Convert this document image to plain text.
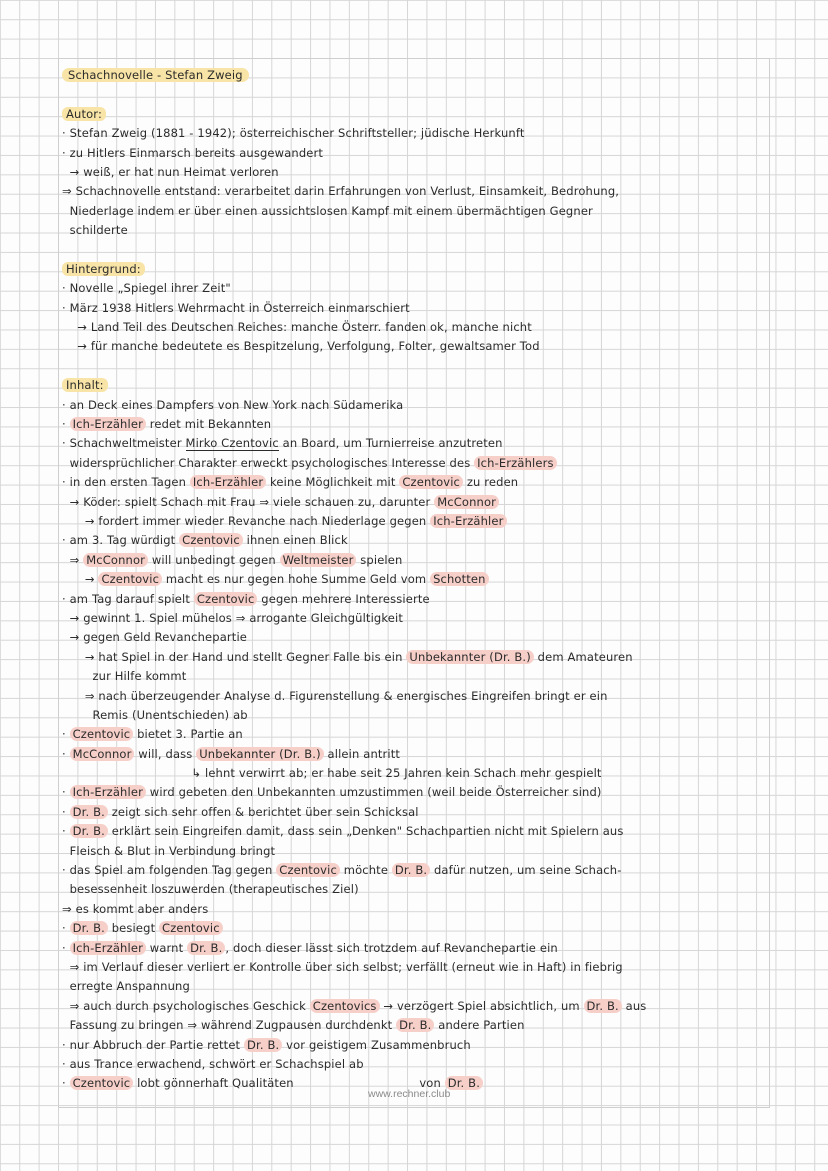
Schachnovelle - Stefan Zweig
Autor:
· Stefan Zweig (1881 - 1942); österreichischer Schriftsteller; jüdische Herkunft
· zu Hitlers Einmarsch bereits ausgewandert
→ weiß, er hat nun Heimat verloren
⇒ Schachnovelle entstand: verarbeitet darin Erfahrungen von Verlust, Einsamkeit, Bedrohung,
Niederlage indem er über einen aussichtslosen Kampf mit einem übermächtigen Gegner
schilderte
Hintergrund:
· Novelle „Spiegel ihrer Zeit"
· März 1938 Hitlers Wehrmacht in Österreich einmarschiert
→ Land Teil des Deutschen Reiches: manche Österr. fanden ok, manche nicht
→ für manche bedeutete es Bespitzelung, Verfolgung, Folter, gewaltsamer Tod
Inhalt:
· an Deck eines Dampfers von New York nach Südamerika
· Ich-Erzähler redet mit Bekannten
· Schachweltmeister Mirko Czentovic an Board, um Turnierreise anzutreten
widersprüchlicher Charakter erweckt psychologisches Interesse des Ich-Erzählers
· in den ersten Tagen Ich-Erzähler keine Möglichkeit mit Czentovic zu reden
→ Köder: spielt Schach mit Frau ⇒ viele schauen zu, darunter McConnor
→ fordert immer wieder Revanche nach Niederlage gegen Ich-Erzähler
· am 3. Tag würdigt Czentovic ihnen einen Blick
⇒ McConnor will unbedingt gegen Weltmeister spielen
→ Czentovic macht es nur gegen hohe Summe Geld vom Schotten
· am Tag darauf spielt Czentovic gegen mehrere Interessierte
→ gewinnt 1. Spiel mühelos ⇒ arrogante Gleichgültigkeit
→ gegen Geld Revanchepartie
→ hat Spiel in der Hand und stellt Gegner Falle bis ein Unbekannter (Dr. B.) dem Amateuren
zur Hilfe kommt
⇒ nach überzeugender Analyse d. Figurenstellung & energisches Eingreifen bringt er ein
Remis (Unentschieden) ab
· Czentovic bietet 3. Partie an
· McConnor will, dass Unbekannter (Dr. B.) allein antritt
↳ lehnt verwirrt ab; er habe seit 25 Jahren kein Schach mehr gespielt
· Ich-Erzähler wird gebeten den Unbekannten umzustimmen (weil beide Österreicher sind)
· Dr. B. zeigt sich sehr offen & berichtet über sein Schicksal
· Dr. B. erklärt sein Eingreifen damit, dass sein „Denken" Schachpartien nicht mit Spielern aus
Fleisch & Blut in Verbindung bringt
· das Spiel am folgenden Tag gegen Czentovic möchte Dr. B. dafür nutzen, um seine Schach-
besessenheit loszuwerden (therapeutisches Ziel)
⇒ es kommt aber anders
· Dr. B. besiegt Czentovic
· Ich-Erzähler warnt Dr. B. , doch dieser lässt sich trotzdem auf Revanchepartie ein
⇒ im Verlauf dieser verliert er Kontrolle über sich selbst; verfällt (erneut wie in Haft) in fiebrig
erregte Anspannung
⇒ auch durch psychologisches Geschick Czentovics → verzögert Spiel absichtlich, um Dr. B. aus
Fassung zu bringen ⇒ während Zugpausen durchdenkt Dr. B. andere Partien
· nur Abbruch der Partie rettet Dr. B. vor geistigem Zusammenbruch
· aus Trance erwachend, schwört er Schachspiel ab
· Czentovic lobt gönnerhaft Qualitäten                                 von Dr. B.
www.rechner.club
